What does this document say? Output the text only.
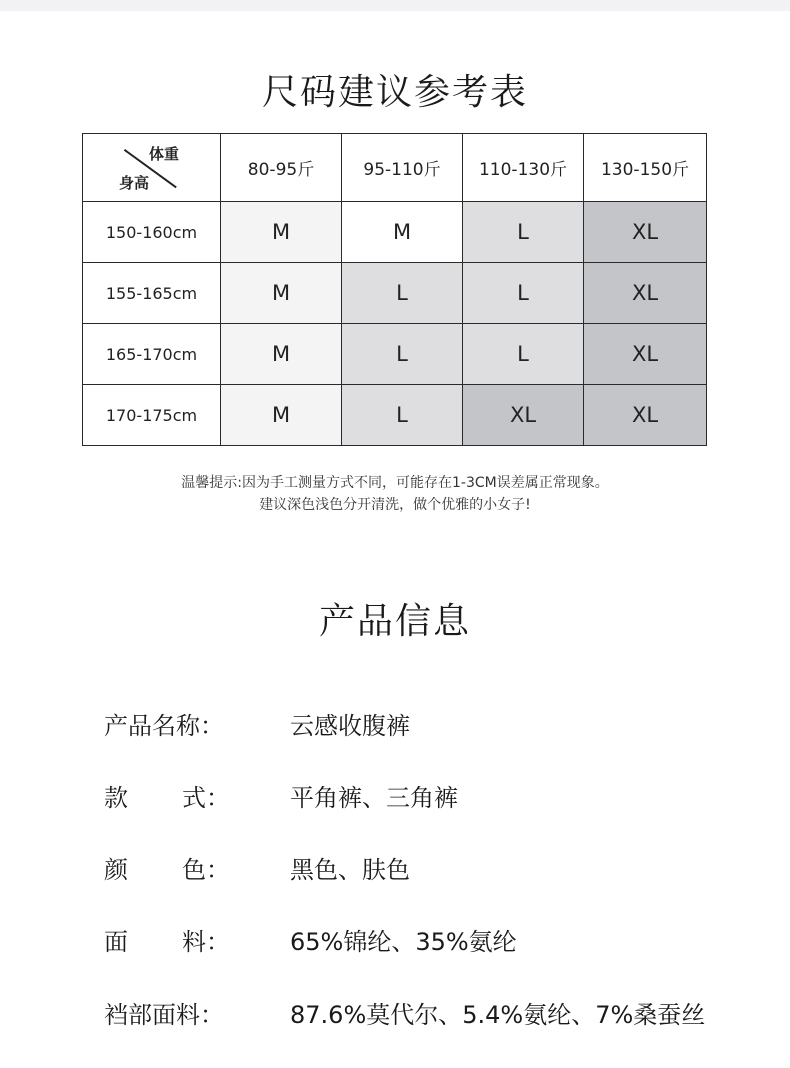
尺码建议参考表
体重
身高	80-95斤	95-110斤	110-130斤	130-150斤
150-160cm	M	M	L	XL
155-165cm	M	L	L	XL
165-170cm	M	L	L	XL
170-175cm	M	L	XL	XL
温馨提示:因为手工测量方式不同，可能存在1-3CM误差属正常现象。
建议深色浅色分开清洗，做个优雅的小女子!
产品信息
产品名称：	云感收腹裤
款 式：	平角裤、三角裤
颜 色：	黑色、肤色
面 料：	65%锦纶、35%氨纶
裆部面料：	87.6%莫代尔、5.4%氨纶、7%桑蚕丝
